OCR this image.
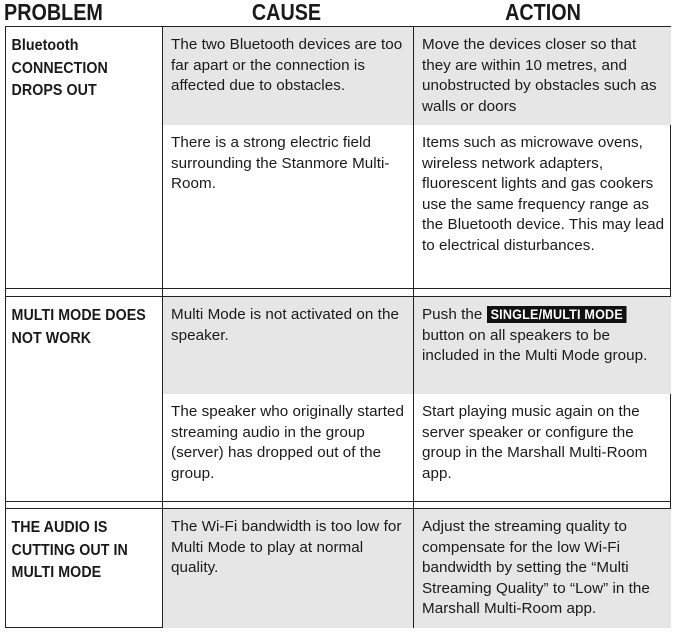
PROBLEM	CAUSE	ACTION
The two Bluetooth devices are too far apart or the connection is affected due to obstacles.
Move the devices closer so that they are within 10 metres, and unobstructed by obstacles such as walls or doors
There is a strong electric field surrounding the Stanmore Multi-Room.
Items such as microwave ovens, wireless network adapters, fluorescent lights and gas cookers use the same frequency range as the Bluetooth device. This may lead to electrical disturbances.
Multi Mode is not activated on the speaker.
Push the SINGLE/MULTI MODE
button on all speakers to be included in the Multi Mode group.
The speaker who originally started streaming audio in the group (server) has dropped out of the group.
Start playing music again on the server speaker or configure the group in the Marshall Multi-Room app.
The Wi-Fi bandwidth is too low for Multi Mode to play at normal quality.
Adjust the streaming quality to compensate for the low Wi-Fi bandwidth by setting the “Multi Streaming Quality” to “Low” in the Marshall Multi-Room app.
Bluetooth CONNECTION DROPS OUT
MULTI MODE DOES NOT WORK
THE AUDIO IS CUTTING OUT IN MULTI MODE
